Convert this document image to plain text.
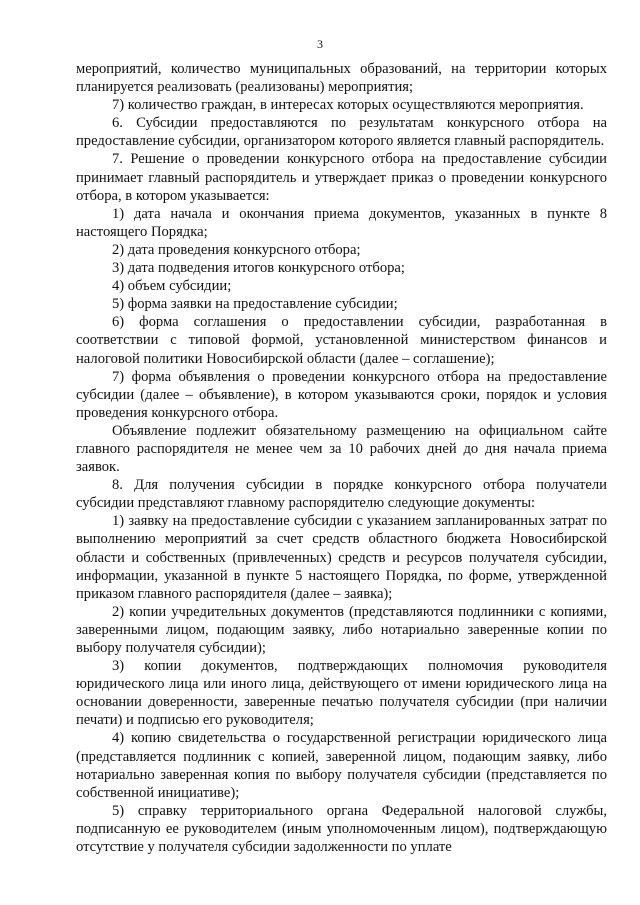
3

мероприятий, количество муниципальных образований, на территории которых планируется реализовать (реализованы) мероприятия;

7) количество граждан, в интересах которых осуществляются мероприятия.

6. Субсидии предоставляются по результатам конкурсного отбора на предоставление субсидии, организатором которого является главный распорядитель.

7. Решение о проведении конкурсного отбора на предоставление субсидии принимает главный распорядитель и утверждает приказ о проведении конкурсного отбора, в котором указывается:

1) дата начала и окончания приема документов, указанных в пункте 8 настоящего Порядка;

2) дата проведения конкурсного отбора;

3) дата подведения итогов конкурсного отбора;

4) объем субсидии;

5) форма заявки на предоставление субсидии;

6) форма соглашения о предоставлении субсидии, разработанная в соответствии с типовой формой, установленной министерством финансов и налоговой политики Новосибирской области (далее – соглашение);

7) форма объявления о проведении конкурсного отбора на предоставление субсидии (далее – объявление), в котором указываются сроки, порядок и условия проведения конкурсного отбора.

Объявление подлежит обязательному размещению на официальном сайте главного распорядителя не менее чем за 10 рабочих дней до дня начала приема заявок.

8. Для получения субсидии в порядке конкурсного отбора получатели субсидии представляют главному распорядителю следующие документы:

1) заявку на предоставление субсидии с указанием запланированных затрат по выполнению мероприятий за счет средств областного бюджета Новосибирской области и собственных (привлеченных) средств и ресурсов получателя субсидии, информации, указанной в пункте 5 настоящего Порядка, по форме, утвержденной приказом главного распорядителя (далее – заявка);

2) копии учредительных документов (представляются подлинники с копиями, заверенными лицом, подающим заявку, либо нотариально заверенные копии по выбору получателя субсидии);

3) копии документов, подтверждающих полномочия руководителя юридического лица или иного лица, действующего от имени юридического лица на основании доверенности, заверенные печатью получателя субсидии (при наличии печати) и подписью его руководителя;

4) копию свидетельства о государственной регистрации юридического лица (представляется подлинник с копией, заверенной лицом, подающим заявку, либо нотариально заверенная копия по выбору получателя субсидии (представляется по собственной инициативе);

5) справку территориального органа Федеральной налоговой службы, подписанную ее руководителем (иным уполномоченным лицом), подтверждающую отсутствие у получателя субсидии задолженности по уплате
